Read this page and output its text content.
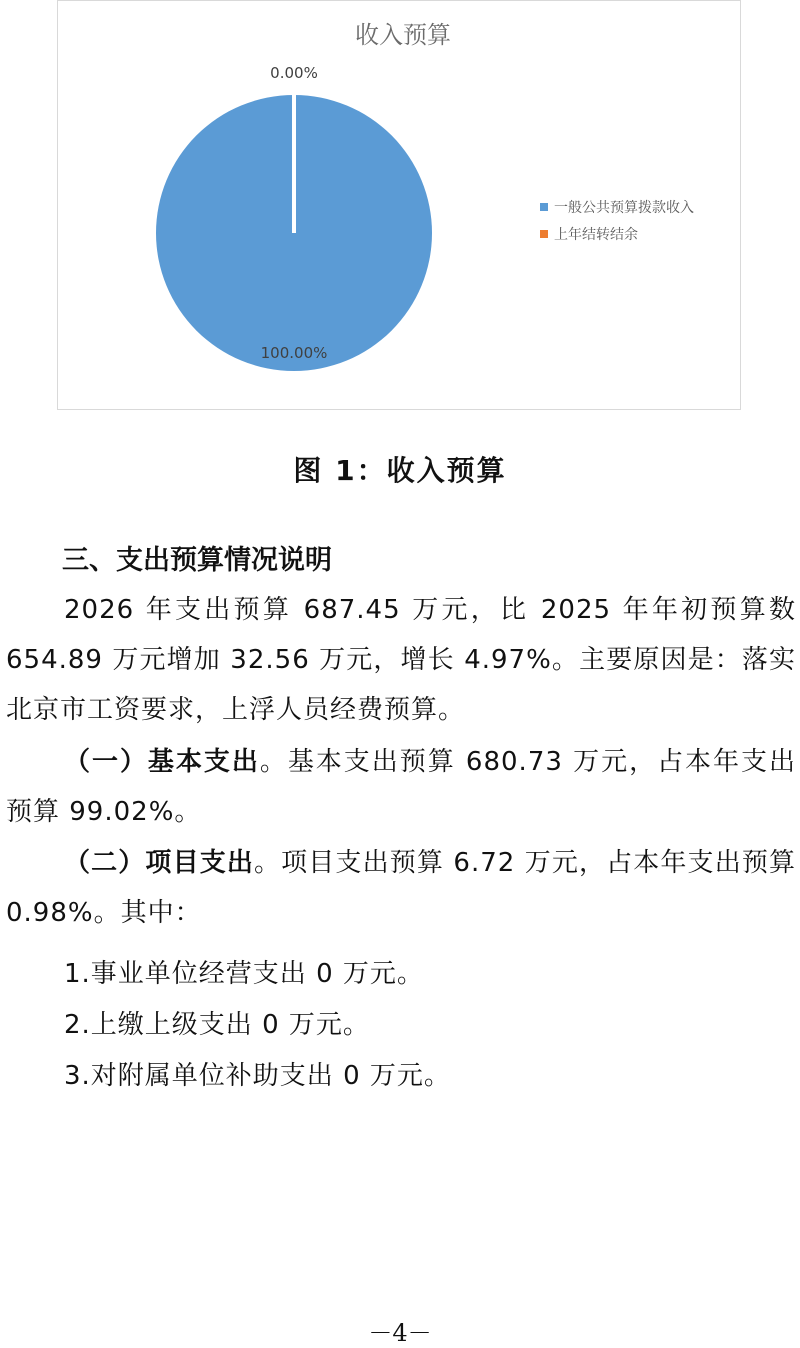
收入预算
100.00%
0.00%
一般公共预算拨款收入
上年结转结余
图 1：收入预算
三、支出预算情况说明

2026 年支出预算 687.45 万元，比 2025 年年初预算数 654.89 万元增加 32.56 万元，增长 4.97%。主要原因是：落实北京市工资要求，上浮人员经费预算。

（一）基本支出。基本支出预算 680.73 万元，占本年支出预算 99.02%。

（二）项目支出。项目支出预算 6.72 万元，占本年支出预算 0.98%。其中：

1.事业单位经营支出 0 万元。
2.上缴上级支出 0 万元。
3.对附属单位补助支出 0 万元。
－4－
